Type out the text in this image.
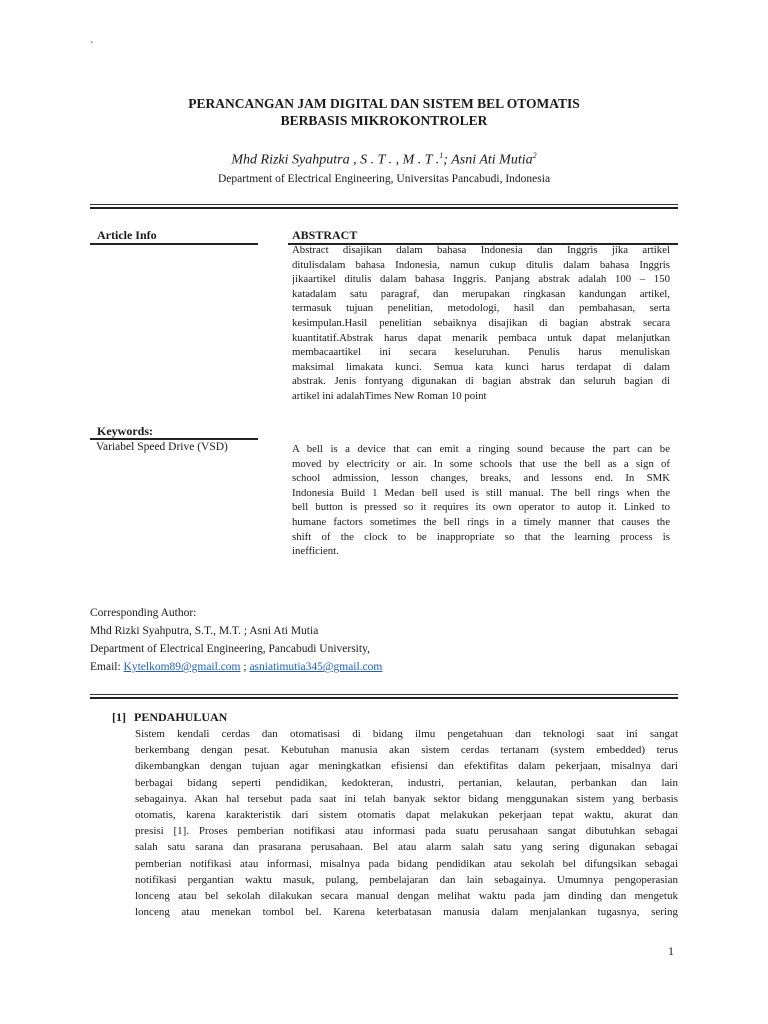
`
PERANCANGAN JAM DIGITAL DAN SISTEM BEL OTOMATIS
BERBASIS MIKROKONTROLER
Mhd Rizki Syahputra , S . T . , M . T .$^1$; Asni Ati Mutia$^2$
Department of Electrical Engineering, Universitas Pancabudi, Indonesia
Article Info
Keywords:
Variabel Speed Drive (VSD)
ABSTRACT
Abstract disajikan dalam bahasa Indonesia dan Inggris jika artikel
ditulisdalam bahasa Indonesia, namun cukup ditulis dalam bahasa Inggris
jikaartikel ditulis dalam bahasa Inggris. Panjang abstrak adalah 100 – 150
katadalam satu paragraf, dan merupakan ringkasan kandungan artikel,
termasuk tujuan penelitian, metodologi, hasil dan pembahasan, serta
kesimpulan.Hasil penelitian sebaiknya disajikan di bagian abstrak secara
kuantitatif.Abstrak harus dapat menarik pembaca untuk dapat melanjutkan
membacaartikel ini secara keseluruhan. Penulis harus menuliskan
maksimal limakata kunci. Semua kata kunci harus terdapat di dalam
abstrak. Jenis fontyang digunakan di bagian abstrak dan seluruh bagian di
artikel ini adalahTimes New Roman 10 point
A bell is a device that can emit a ringing sound because the part can be
moved by electricity or air. In some schools that use the bell as a sign of
school admission, lesson changes, breaks, and lessons end. In SMK
Indonesia Build 1 Medan bell used is still manual. The bell rings when the
bell button is pressed so it requires its own operator to autop it. Linked to
humane factors sometimes the bell rings in a timely manner that causes the
shift of the clock to be inappropriate so that the learning process is
inefficient.
Corresponding Author:
Mhd Rizki Syahputra, S.T., M.T. ; Asni Ati Mutia
Department of Electrical Engineering, Pancabudi University,
Email: Kytelkom89@gmail.com ; asniatimutia345@gmail.com
[1] PENDAHULUAN
Sistem kendali cerdas dan otomatisasi di bidang ilmu pengetahuan dan teknologi saat ini sangat
berkembang dengan pesat. Kebutuhan manusia akan sistem cerdas tertanam (system embedded) terus
dikembangkan dengan tujuan agar meningkatkan efisiensi dan efektifitas dalam pekerjaan, misalnya dari
berbagai bidang seperti pendidikan, kedokteran, industri, pertanian, kelautan, perbankan dan lain
sebagainya. Akan hal tersebut pada saat ini telah banyak sektor bidang menggunakan sistem yang berbasis
otomatis, karena karakteristik dari sistem otomatis dapat melakukan pekerjaan tepat waktu, akurat dan
presisi [1]. Proses pemberian notifikasi atau informasi pada suatu perusahaan sangat dibutuhkan sebagai
salah satu sarana dan prasarana perusahaan. Bel atau alarm salah satu yang sering digunakan sebagai
pemberian notifikasi atau informasi, misalnya pada bidang pendidikan atau sekolah bel difungsikan sebagai
notifikasi pergantian waktu masuk, pulang, pembelajaran dan lain sebagainya. Umumnya pengoperasian
lonceng atau bel sekolah dilakukan secara manual dengan melihat waktu pada jam dinding dan mengetuk
lonceng atau menekan tombol bel. Karena keterbatasan manusia dalam menjalankan tugasnya, sering
1
